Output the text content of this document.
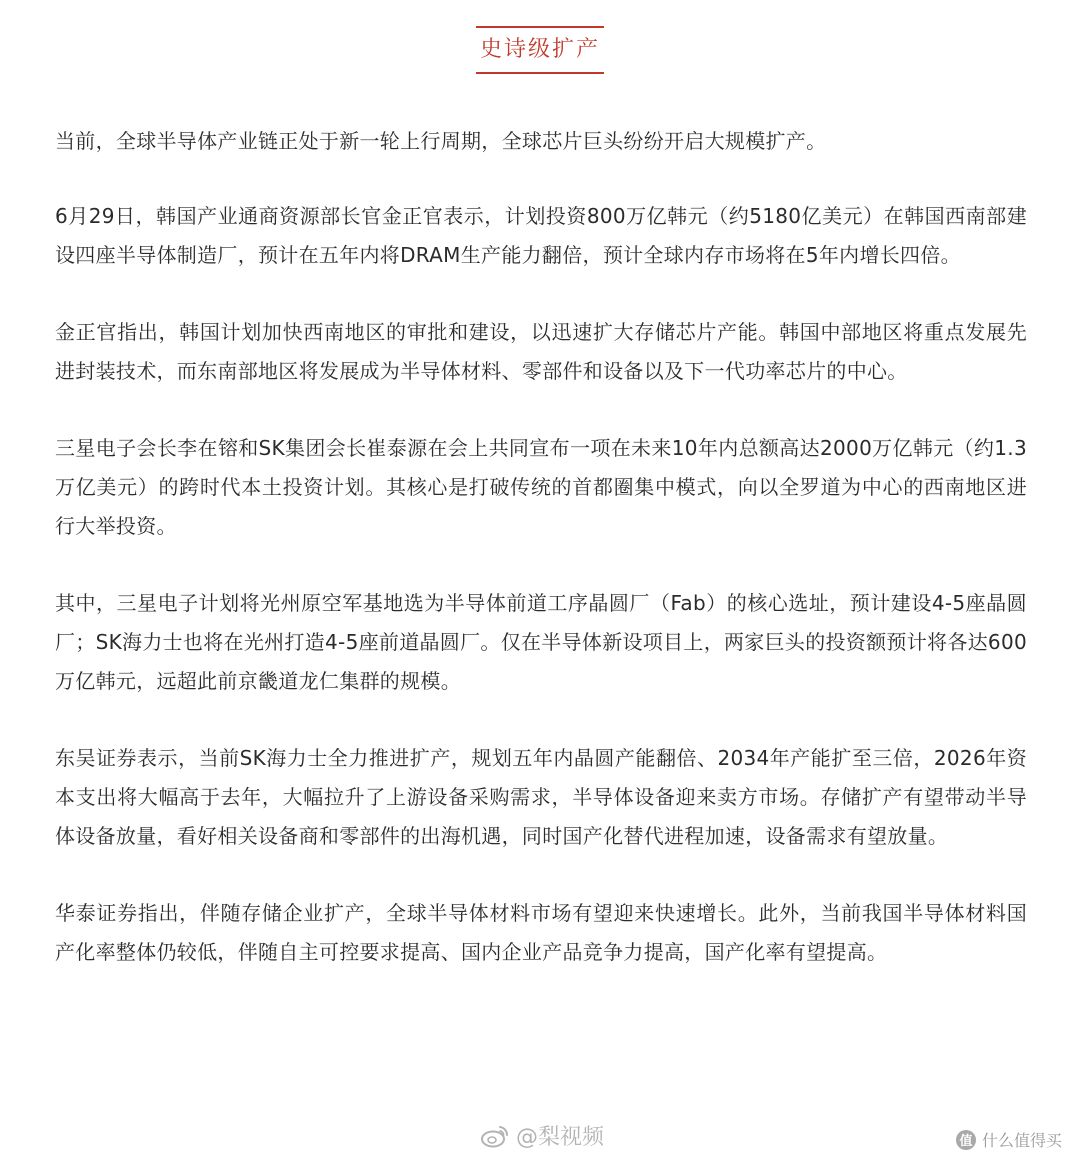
史诗级扩产

当前，全球半导体产业链正处于新一轮上行周期，全球芯片巨头纷纷开启大规模扩产。

6月29日，韩国产业通商资源部长官金正官表示，计划投资800万亿韩元（约5180亿美元）在韩国西南部建设四座半导体制造厂，预计在五年内将DRAM生产能力翻倍，预计全球内存市场将在5年内增长四倍。

金正官指出，韩国计划加快西南地区的审批和建设，以迅速扩大存储芯片产能。韩国中部地区将重点发展先进封装技术，而东南部地区将发展成为半导体材料、零部件和设备以及下一代功率芯片的中心。

三星电子会长李在镕和SK集团会长崔泰源在会上共同宣布一项在未来10年内总额高达2000万亿韩元（约1.3万亿美元）的跨时代本土投资计划。其核心是打破传统的首都圈集中模式，向以全罗道为中心的西南地区进行大举投资。

其中，三星电子计划将光州原空军基地选为半导体前道工序晶圆厂（Fab）的核心选址，预计建设4-5座晶圆厂；SK海力士也将在光州打造4-5座前道晶圆厂。仅在半导体新设项目上，两家巨头的投资额预计将各达600万亿韩元，远超此前京畿道龙仁集群的规模。

东吴证券表示，当前SK海力士全力推进扩产，规划五年内晶圆产能翻倍、2034年产能扩至三倍，2026年资本支出将大幅高于去年，大幅拉升了上游设备采购需求，半导体设备迎来卖方市场。存储扩产有望带动半导体设备放量，看好相关设备商和零部件的出海机遇，同时国产化替代进程加速，设备需求有望放量。

华泰证券指出，伴随存储企业扩产，全球半导体材料市场有望迎来快速增长。此外，当前我国半导体材料国产化率整体仍较低，伴随自主可控要求提高、国内企业产品竞争力提高，国产化率有望提高。

@梨视频	值 什么值得买
